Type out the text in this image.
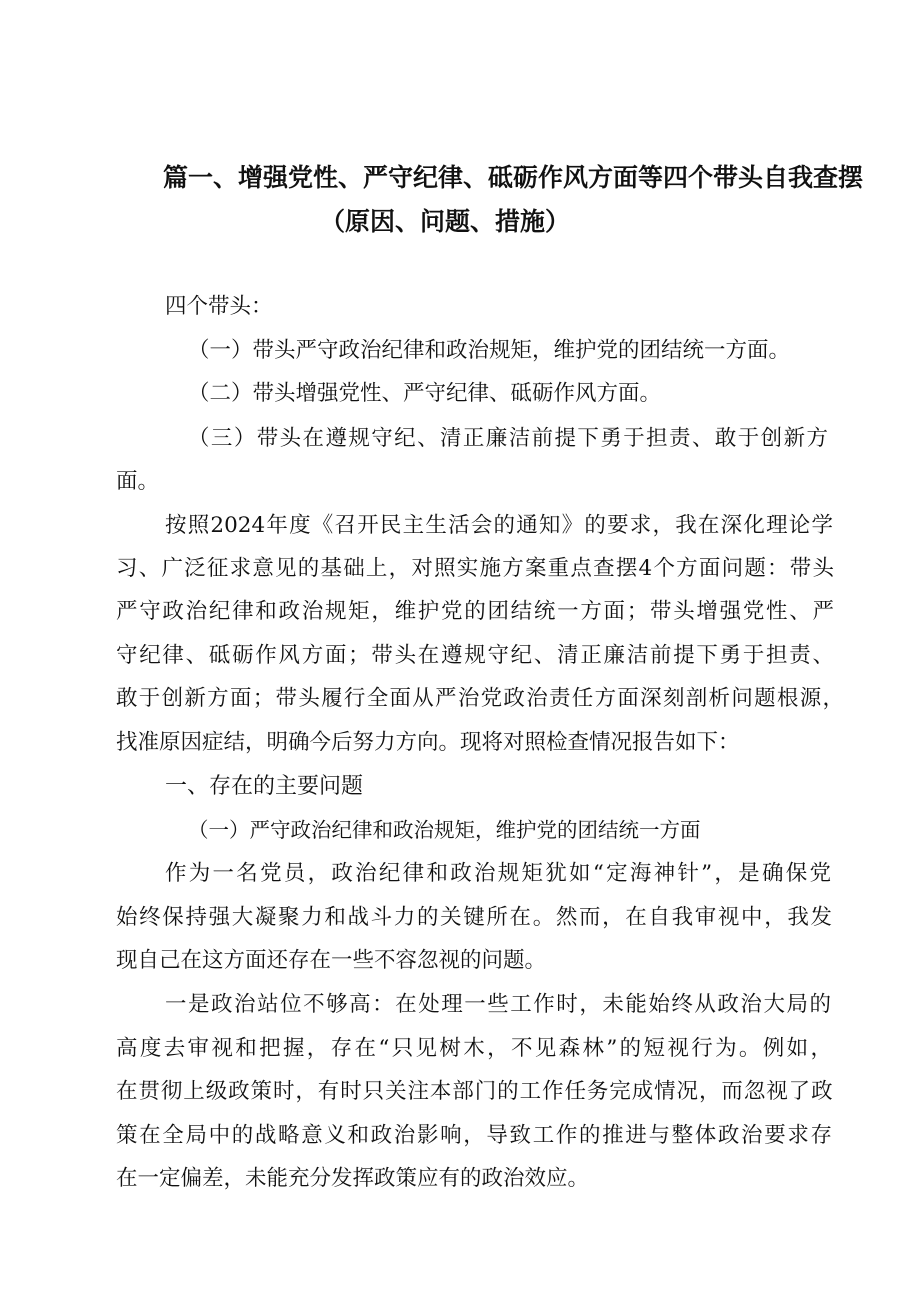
篇一、增强党性、严守纪律、砥砺作风方面等四个带头自我查摆
（原因、问题、措施）
四个带头：
（一）带头严守政治纪律和政治规矩，维护党的团结统一方面。
（二）带头增强党性、严守纪律、砥砺作风方面。
（三）带头在遵规守纪、清正廉洁前提下勇于担责、敢于创新方
面。
按照2024年度《召开民主生活会的通知》的要求，我在深化理论学
习、广泛征求意见的基础上，对照实施方案重点查摆4个方面问题：带头
严守政治纪律和政治规矩，维护党的团结统一方面；带头增强党性、严
守纪律、砥砺作风方面；带头在遵规守纪、清正廉洁前提下勇于担责、
敢于创新方面；带头履行全面从严治党政治责任方面深刻剖析问题根源，
找准原因症结，明确今后努力方向。现将对照检查情况报告如下：
一、存在的主要问题
（一）严守政治纪律和政治规矩，维护党的团结统一方面
作为一名党员，政治纪律和政治规矩犹如“定海神针”，是确保党
始终保持强大凝聚力和战斗力的关键所在。然而，在自我审视中，我发
现自己在这方面还存在一些不容忽视的问题。
一是政治站位不够高：在处理一些工作时，未能始终从政治大局的
高度去审视和把握，存在“只见树木，不见森林”的短视行为。例如，
在贯彻上级政策时，有时只关注本部门的工作任务完成情况，而忽视了政
策在全局中的战略意义和政治影响，导致工作的推进与整体政治要求存
在一定偏差，未能充分发挥政策应有的政治效应。
